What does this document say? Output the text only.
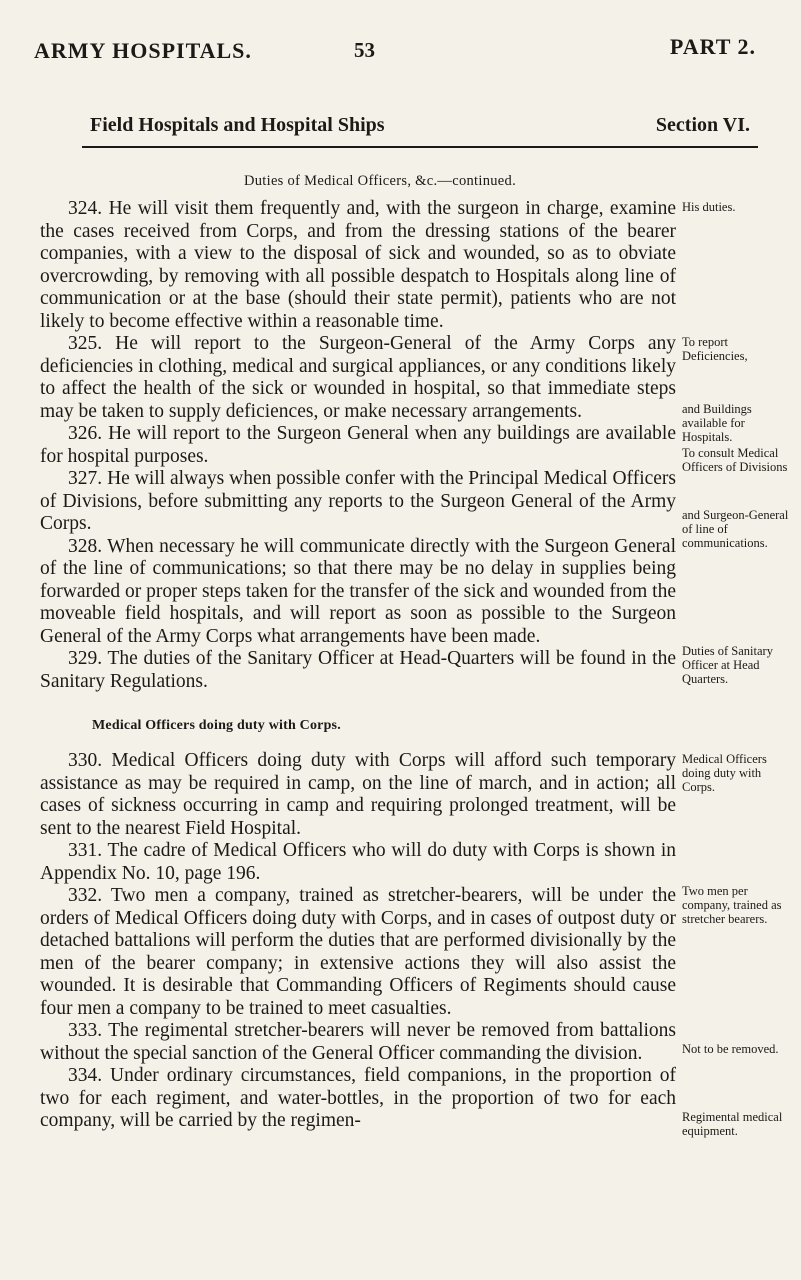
ARMY HOSPITALS.	53	PART 2.
Field Hospitals and Hospital Ships	Section VI.
Duties of Medical Officers, &c.—continued.

324. He will visit them frequently and, with the surgeon in charge, examine the cases received from Corps, and from the dressing stations of the bearer companies, with a view to the disposal of sick and wounded, so as to obviate overcrowding, by removing with all possible despatch to Hospitals along line of communication or at the base (should their state permit), patients who are not likely to become effective within a reasonable time.

325. He will report to the Surgeon-General of the Army Corps any deficiencies in clothing, medical and surgical appliances, or any conditions likely to affect the health of the sick or wounded in hospital, so that immediate steps may be taken to supply deficiences, or make necessary arrangements.

326. He will report to the Surgeon General when any buildings are available for hospital purposes.

327. He will always when possible confer with the Principal Medical Officers of Divisions, before submitting any reports to the Surgeon General of the Army Corps.

328. When necessary he will communicate directly with the Surgeon General of the line of communications; so that there may be no delay in supplies being forwarded or proper steps taken for the transfer of the sick and wounded from the moveable field hospitals, and will report as soon as possible to the Surgeon General of the Army Corps what arrangements have been made.

329. The duties of the Sanitary Officer at Head-Quarters will be found in the Sanitary Regulations.

Medical Officers doing duty with Corps.

330. Medical Officers doing duty with Corps will afford such temporary assistance as may be required in camp, on the line of march, and in action; all cases of sickness occurring in camp and requiring prolonged treatment, will be sent to the nearest Field Hospital.

331. The cadre of Medical Officers who will do duty with Corps is shown in Appendix No. 10, page 196.

332. Two men a company, trained as stretcher-bearers, will be under the orders of Medical Officers doing duty with Corps, and in cases of outpost duty or detached battalions will perform the duties that are performed divisionally by the men of the bearer company; in extensive actions they will also assist the wounded. It is desirable that Commanding Officers of Regiments should cause four men a company to be trained to meet casualties.

333. The regimental stretcher-bearers will never be removed from battalions without the special sanction of the General Officer commanding the division.

334. Under ordinary circumstances, field companions, in the proportion of two for each regiment, and water-bottles, in the proportion of two for each company, will be carried by the regimen-

His duties.
To report Deficiencies,
and Buildings available for Hospitals.
To consult Medical Officers of Divisions
and Surgeon-General of line of communications.
Duties of Sanitary Officer at Head Quarters.
Medical Officers doing duty with Corps.
Two men per company, trained as stretcher bearers.
Not to be removed.
Regimental medical equipment.
